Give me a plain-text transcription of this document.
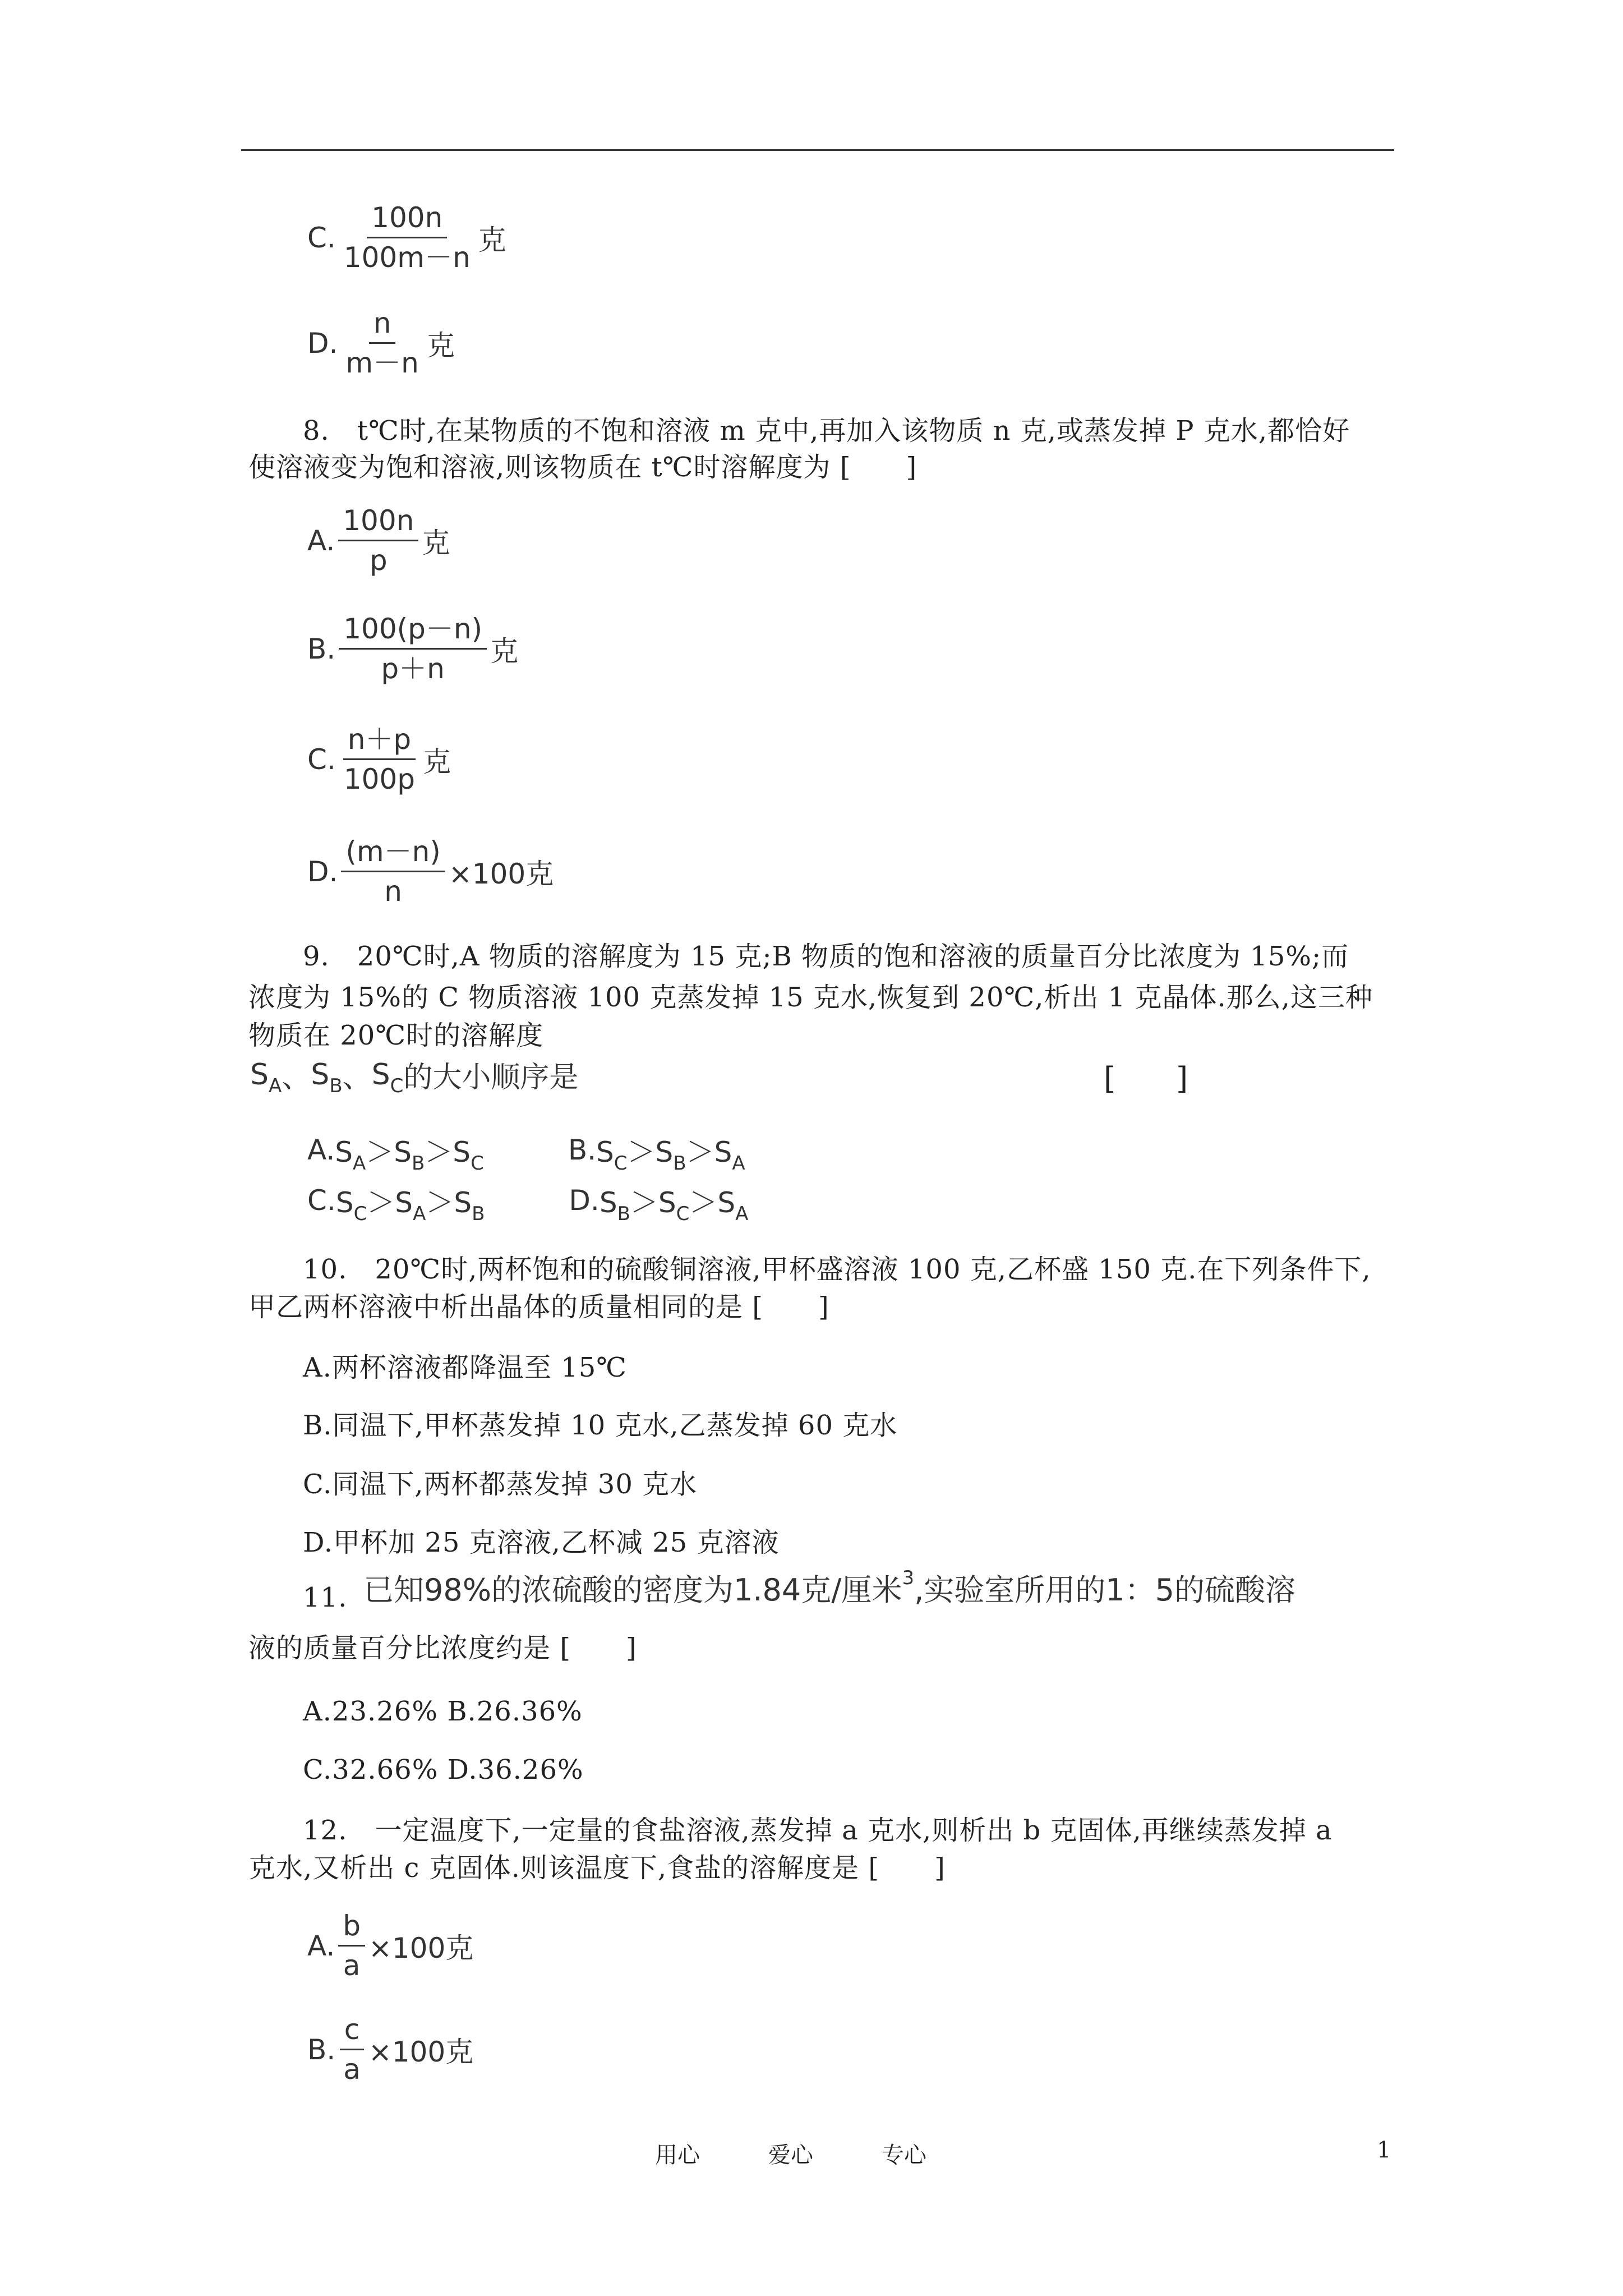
C. $\frac{100n}{100m-n}$ 克
D. $\frac{n}{m-n}$ 克
8.　t℃时,在某物质的不饱和溶液 m 克中,再加入该物质 n 克,或蒸发掉 P 克水,都恰好
使溶液变为饱和溶液,则该物质在 t℃时溶解度为 [　　]
A. $\frac{100n}{p}$ 克
B. $\frac{100(p-n)}{p+n}$ 克
C. $\frac{n+p}{100p}$ 克
D. $\frac{(m-n)}{n} \times 100$克
9.　20℃时,A 物质的溶解度为 15 克;B 物质的饱和溶液的质量百分比浓度为 15%;而
浓度为 15%的 C 物质溶液 100 克蒸发掉 15 克水,恢复到 20℃,析出 1 克晶体.那么,这三种
物质在 20℃时的溶解度
$S_A$ 、 $S_B$ 、 $S_C$ 的大小顺序是	[　　]
A. $S_A>S_B>S_C$	B. $S_C>S_B>S_A$
C. $S_C>S_A>S_B$	D. $S_B>S_C>S_A$
10.　20℃时,两杯饱和的硫酸铜溶液,甲杯盛溶液 100 克,乙杯盛 150 克.在下列条件下,
甲乙两杯溶液中析出晶体的质量相同的是 [　　]
A.两杯溶液都降温至 15℃
B.同温下,甲杯蒸发掉 10 克水,乙蒸发掉 60 克水
C.同温下,两杯都蒸发掉 30 克水
D.甲杯加 25 克溶液,乙杯减 25 克溶液
11. 已知98%的浓硫酸的密度为1.84克/厘米 3 ,实验室所用的1：5的硫酸溶
液的质量百分比浓度约是 [　　]
A.23.26% B.26.36%
C.32.66% D.36.26%
12.　一定温度下,一定量的食盐溶液,蒸发掉 a 克水,则析出 b 克固体,再继续蒸发掉 a
克水,又析出 c 克固体.则该温度下,食盐的溶解度是 [　　]
A. $\frac{b}{a} \times 100$克
B. $\frac{c}{a} \times 100$克
用心	爱心	专心	1
